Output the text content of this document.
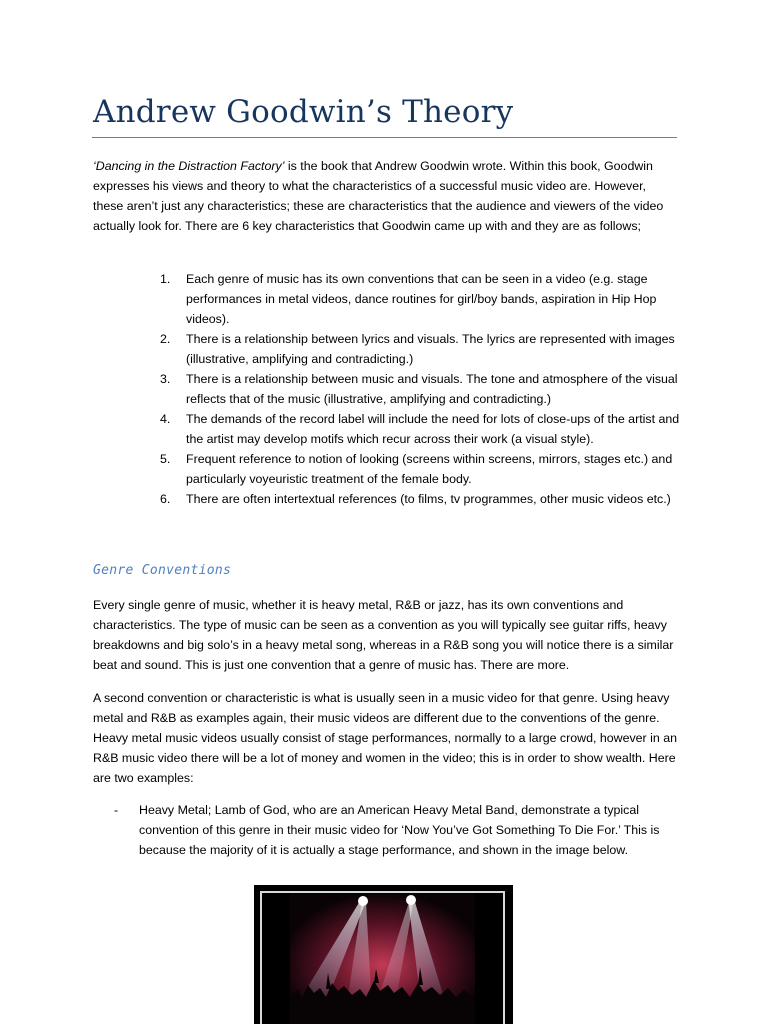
Andrew Goodwin’s Theory

‘Dancing in the Distraction Factory’ is the book that Andrew Goodwin wrote. Within this book, Goodwin expresses his views and theory to what the characteristics of a successful music video are. However, these aren’t just any characteristics; these are characteristics that the audience and viewers of the video actually look for. There are 6 key characteristics that Goodwin came up with and they are as follows;

1. Each genre of music has its own conventions that can be seen in a video (e.g. stage performances in metal videos, dance routines for girl/boy bands, aspiration in Hip Hop videos).
2. There is a relationship between lyrics and visuals. The lyrics are represented with images (illustrative, amplifying and contradicting.)
3. There is a relationship between music and visuals. The tone and atmosphere of the visual reflects that of the music (illustrative, amplifying and contradicting.)
4. The demands of the record label will include the need for lots of close-ups of the artist and the artist may develop motifs which recur across their work (a visual style).
5. Frequent reference to notion of looking (screens within screens, mirrors, stages etc.) and particularly voyeuristic treatment of the female body.
6. There are often intertextual references (to films, tv programmes, other music videos etc.)
Genre Conventions

Every single genre of music, whether it is heavy metal, R&B or jazz, has its own conventions and characteristics. The type of music can be seen as a convention as you will typically see guitar riffs, heavy breakdowns and big solo’s in a heavy metal song, whereas in a R&B song you will notice there is a similar beat and sound. This is just one convention that a genre of music has. There are more.

A second convention or characteristic is what is usually seen in a music video for that genre. Using heavy metal and R&B as examples again, their music videos are different due to the conventions of the genre. Heavy metal music videos usually consist of stage performances, normally to a large crowd, however in an R&B music video there will be a lot of money and women in the video; this is in order to show wealth. Here are two examples:

- Heavy Metal; Lamb of God, who are an American Heavy Metal Band, demonstrate a typical convention of this genre in their music video for ‘Now You’ve Got Something To Die For.’ This is because the majority of it is actually a stage performance, and shown in the image below.
